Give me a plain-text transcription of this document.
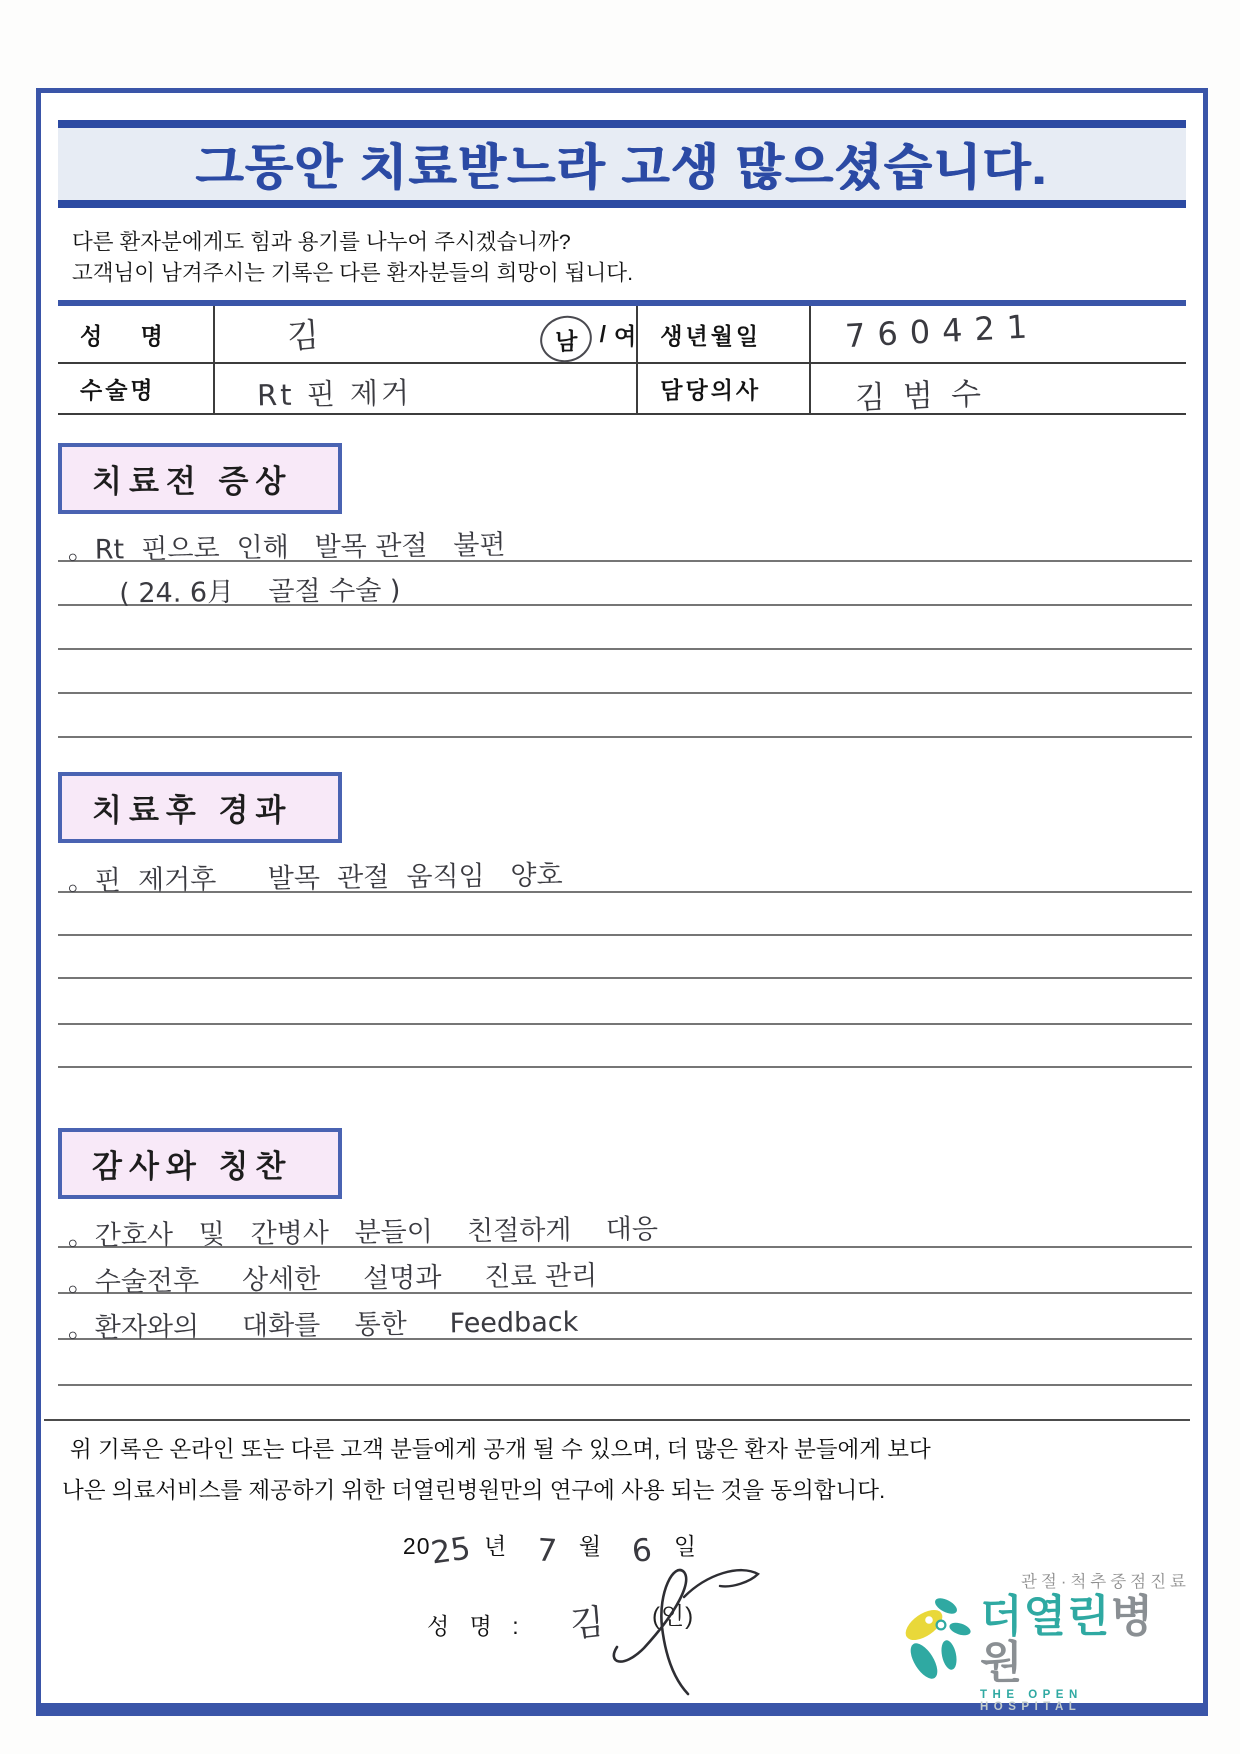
그동안 치료받느라 고생 많으셨습니다.

다른 환자분에게도 힘과 용기를 나누어 주시겠습니까?

고객님이 남겨주시는 기록은 다른 환자분들의 희망이 됩니다.

성 명	김	남 / 여	생년월일	760421

수술명	Rt 핀 제거		담당의사	김범수
치료전 증상
。Rt  핀으로  인해   발목 관절   불편
( 24. 6月    골절 수술 )
치료후 경과
。핀  제거후      발목  관절  움직임   양호
감사와 칭찬
。간호사   및   간병사   분들이    친절하게    대응
。수술전후     상세한     설명과     진료 관리
。환자와의     대화를    통한     Feedback

위 기록은 온라인 또는 다른 고객 분들에게 공개 될 수 있으며, 더 많은 환자 분들에게 보다

나은 의료서비스를 제공하기 위한 더열린병원만의 연구에 사용 되는 것을 동의합니다.

20
25 년 7 월 6 일
성 명 : 김 (인)
관절·척추중점진료
더열린병원
THE OPEN HOSPITAL
